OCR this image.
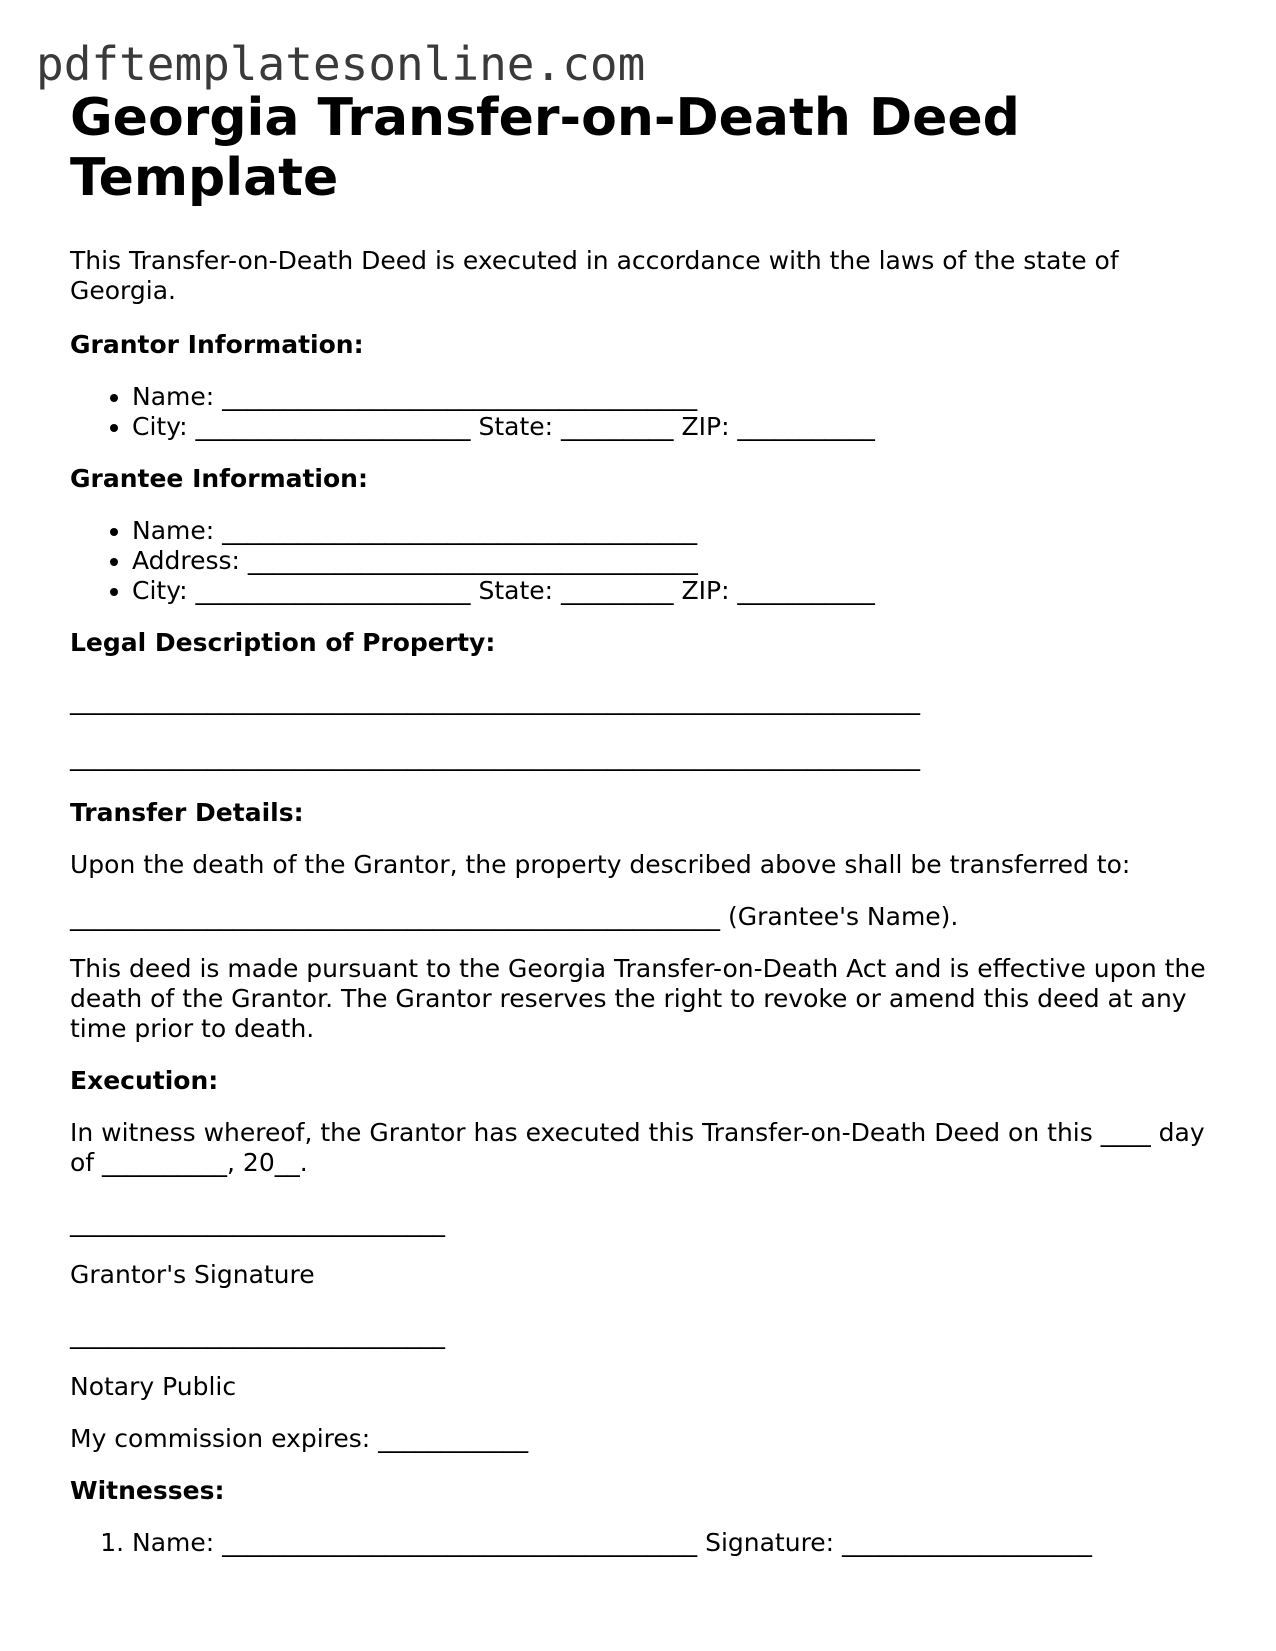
pdftemplatesonline.com
Georgia Transfer-on-Death Deed Template

This Transfer-on-Death Deed is executed in accordance with the laws of the state of Georgia.

Grantor Information:

• Name: ______________________________________
• City: ______________________ State: _________ ZIP: ___________

Grantee Information:

• Name: ______________________________________
• Address: ____________________________________
• City: ______________________ State: _________ ZIP: ___________

Legal Description of Property:

____________________________________________________________________

____________________________________________________________________

Transfer Details:

Upon the death of the Grantor, the property described above shall be transferred to:

____________________________________________________ (Grantee's Name).

This deed is made pursuant to the Georgia Transfer-on-Death Act and is effective upon the death of the Grantor. The Grantor reserves the right to revoke or amend this deed at any time prior to death.

Execution:

In witness whereof, the Grantor has executed this Transfer-on-Death Deed on this ____ day of __________, 20__.

______________________________

Grantor's Signature

______________________________

Notary Public

My commission expires: ____________

Witnesses:

1. Name: ______________________________________ Signature: ____________________
